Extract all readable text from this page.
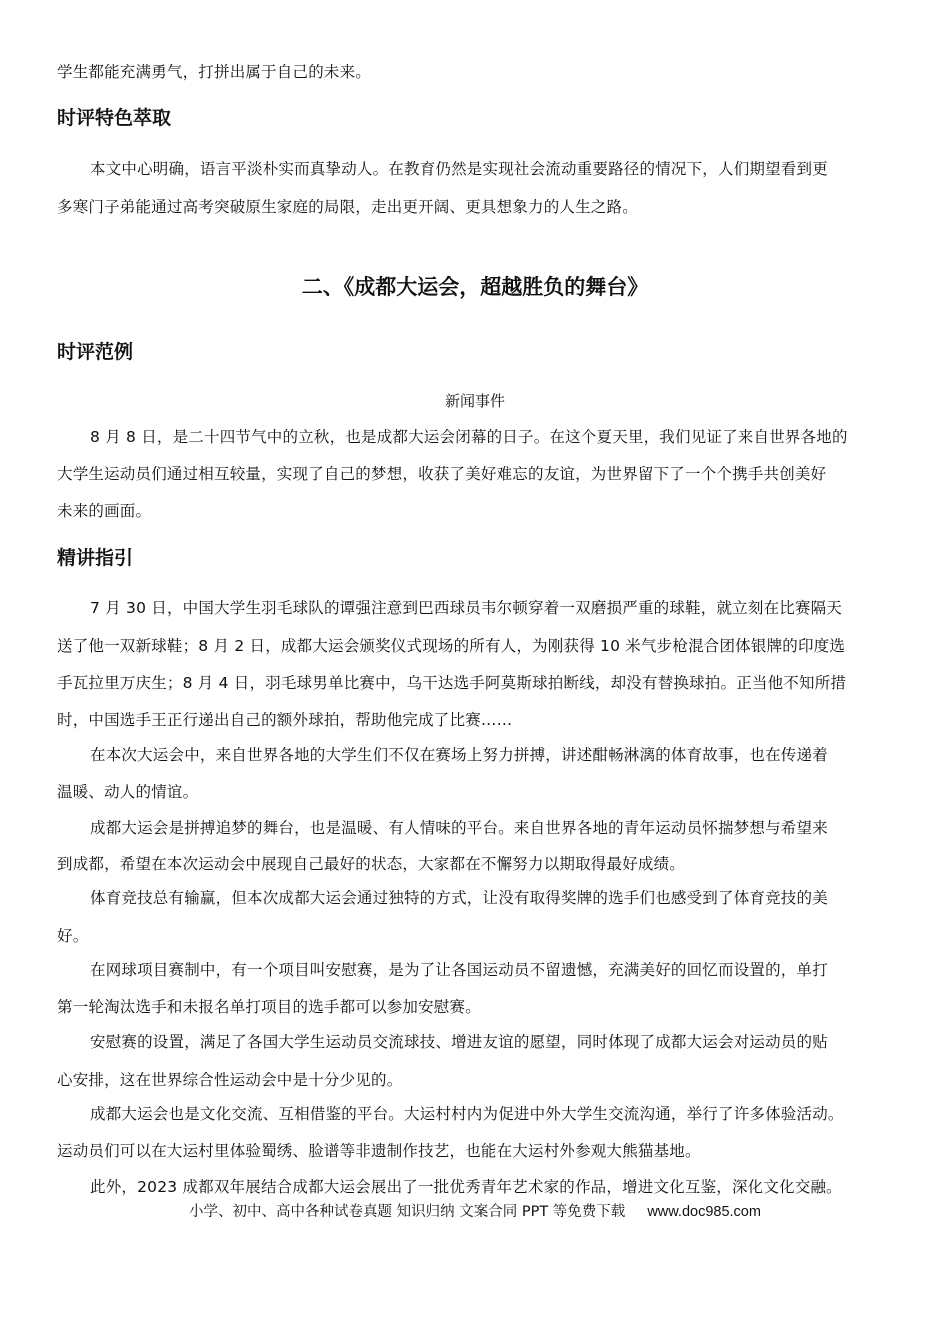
学生都能充满勇气，打拼出属于自己的未来。
时评特色萃取
本文中心明确，语言平淡朴实而真挚动人。在教育仍然是实现社会流动重要路径的情况下，人们期望看到更
多寒门子弟能通过高考突破原生家庭的局限，走出更开阔、更具想象力的人生之路。
二、《成都大运会，超越胜负的舞台》
时评范例
新闻事件
8 月 8 日，是二十四节气中的立秋，也是成都大运会闭幕的日子。在这个夏天里，我们见证了来自世界各地的
大学生运动员们通过相互较量，实现了自己的梦想，收获了美好难忘的友谊，为世界留下了一个个携手共创美好
未来的画面。
精讲指引
7 月 30 日，中国大学生羽毛球队的谭强注意到巴西球员韦尔顿穿着一双磨损严重的球鞋，就立刻在比赛隔天
送了他一双新球鞋；8 月 2 日，成都大运会颁奖仪式现场的所有人，为刚获得 10 米气步枪混合团体银牌的印度选
手瓦拉里万庆生；8 月 4 日，羽毛球男单比赛中，乌干达选手阿莫斯球拍断线，却没有替换球拍。正当他不知所措
时，中国选手王正行递出自己的额外球拍，帮助他完成了比赛……
在本次大运会中，来自世界各地的大学生们不仅在赛场上努力拼搏，讲述酣畅淋漓的体育故事，也在传递着
温暖、动人的情谊。
成都大运会是拼搏追梦的舞台，也是温暖、有人情味的平台。来自世界各地的青年运动员怀揣梦想与希望来
到成都，希望在本次运动会中展现自己最好的状态，大家都在不懈努力以期取得最好成绩。
体育竞技总有输赢，但本次成都大运会通过独特的方式，让没有取得奖牌的选手们也感受到了体育竞技的美
好。
在网球项目赛制中，有一个项目叫安慰赛，是为了让各国运动员不留遗憾，充满美好的回忆而设置的，单打
第一轮淘汰选手和未报名单打项目的选手都可以参加安慰赛。
安慰赛的设置，满足了各国大学生运动员交流球技、增进友谊的愿望，同时体现了成都大运会对运动员的贴
心安排，这在世界综合性运动会中是十分少见的。
成都大运会也是文化交流、互相借鉴的平台。大运村村内为促进中外大学生交流沟通，举行了许多体验活动。
运动员们可以在大运村里体验蜀绣、脸谱等非遗制作技艺，也能在大运村外参观大熊猫基地。
此外，2023 成都双年展结合成都大运会展出了一批优秀青年艺术家的作品，增进文化互鉴，深化文化交融。
小学、初中、高中各种试卷真题 知识归纳 文案合同 PPT 等免费下载 www.doc985.com
